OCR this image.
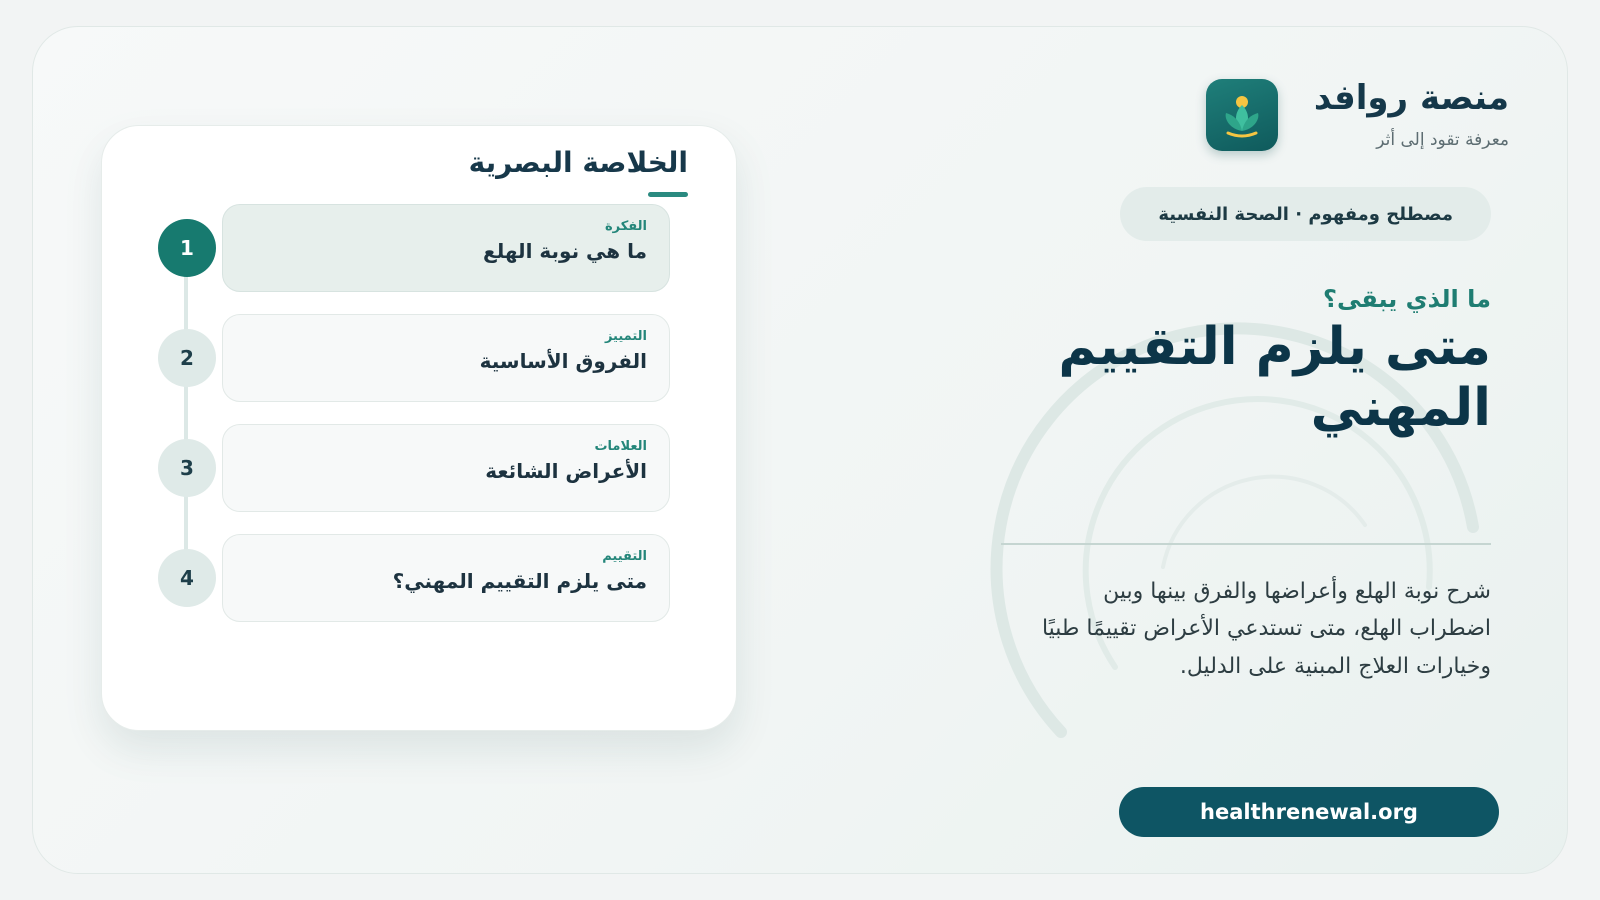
منصة روافد
معرفة تقود إلى أثر
مصطلح ومفهوم · الصحة النفسية
ما الذي يبقى؟
متى يلزم التقييم المهني
شرح نوبة الهلع وأعراضها والفرق بينها وبين اضطراب الهلع، متى تستدعي الأعراض تقييمًا طبيًا وخيارات العلاج المبنية على الدليل.
healthrenewal.org
الخلاصة البصرية
1
الفكرة
ما هي نوبة الهلع
2
التمييز
الفروق الأساسية
3
العلامات
الأعراض الشائعة
4
التقييم
متى يلزم التقييم المهني؟
